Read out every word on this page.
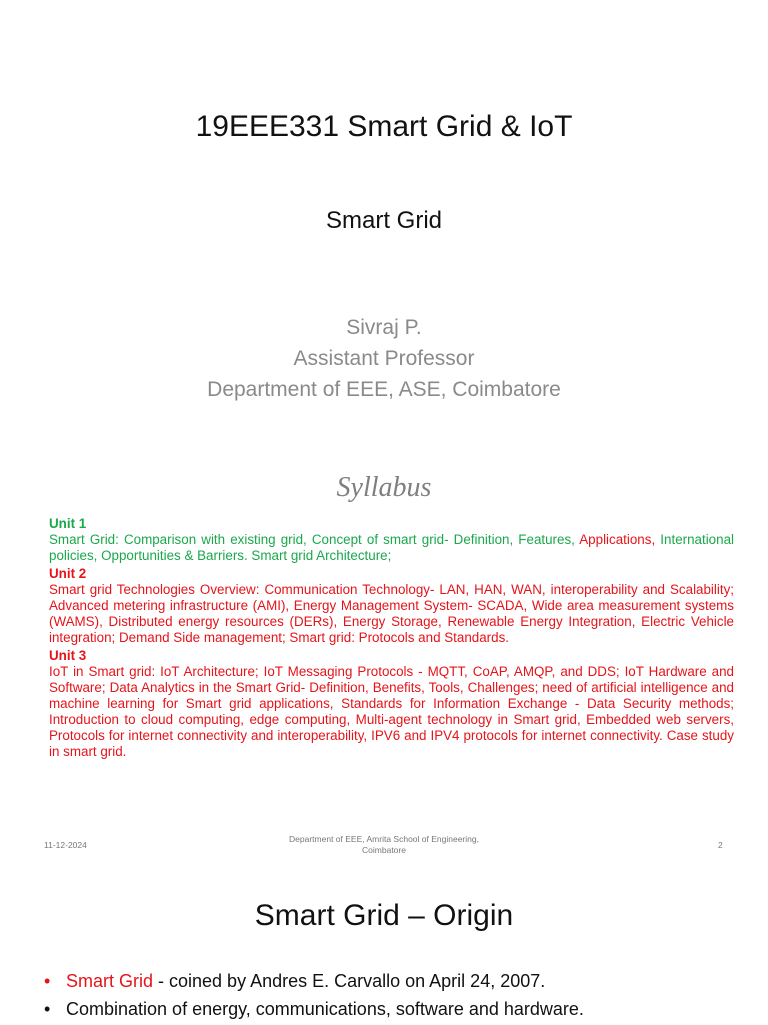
19EEE331 Smart Grid & IoT
Smart Grid
Sivraj P.
Assistant Professor
Department of EEE, ASE, Coimbatore
Syllabus
Unit 1
Smart Grid: Comparison with existing grid, Concept of smart grid- Definition, Features, Applications, International policies, Opportunities & Barriers. Smart grid Architecture;
Unit 2
Smart grid Technologies Overview: Communication Technology- LAN, HAN, WAN, interoperability and Scalability; Advanced metering infrastructure (AMI), Energy Management System- SCADA, Wide area measurement systems (WAMS), Distributed energy resources (DERs), Energy Storage, Renewable Energy Integration, Electric Vehicle integration; Demand Side management; Smart grid: Protocols and Standards.
Unit 3
IoT in Smart grid: IoT Architecture; IoT Messaging Protocols - MQTT, CoAP, AMQP, and DDS; IoT Hardware and Software; Data Analytics in the Smart Grid- Definition, Benefits, Tools, Challenges; need of artificial intelligence and machine learning for Smart grid applications, Standards for Information Exchange - Data Security methods; Introduction to cloud computing, edge computing, Multi-agent technology in Smart grid, Embedded web servers, Protocols for internet connectivity and interoperability, IPV6 and IPV4 protocols for internet connectivity. Case study in smart grid.
11-12-2024
Department of EEE, Amrita School of Engineering,
Coimbatore	2
Smart Grid – Origin
• Smart Grid - coined by Andres E. Carvallo on April 24, 2007.
• Combination of energy, communications, software and hardware.
